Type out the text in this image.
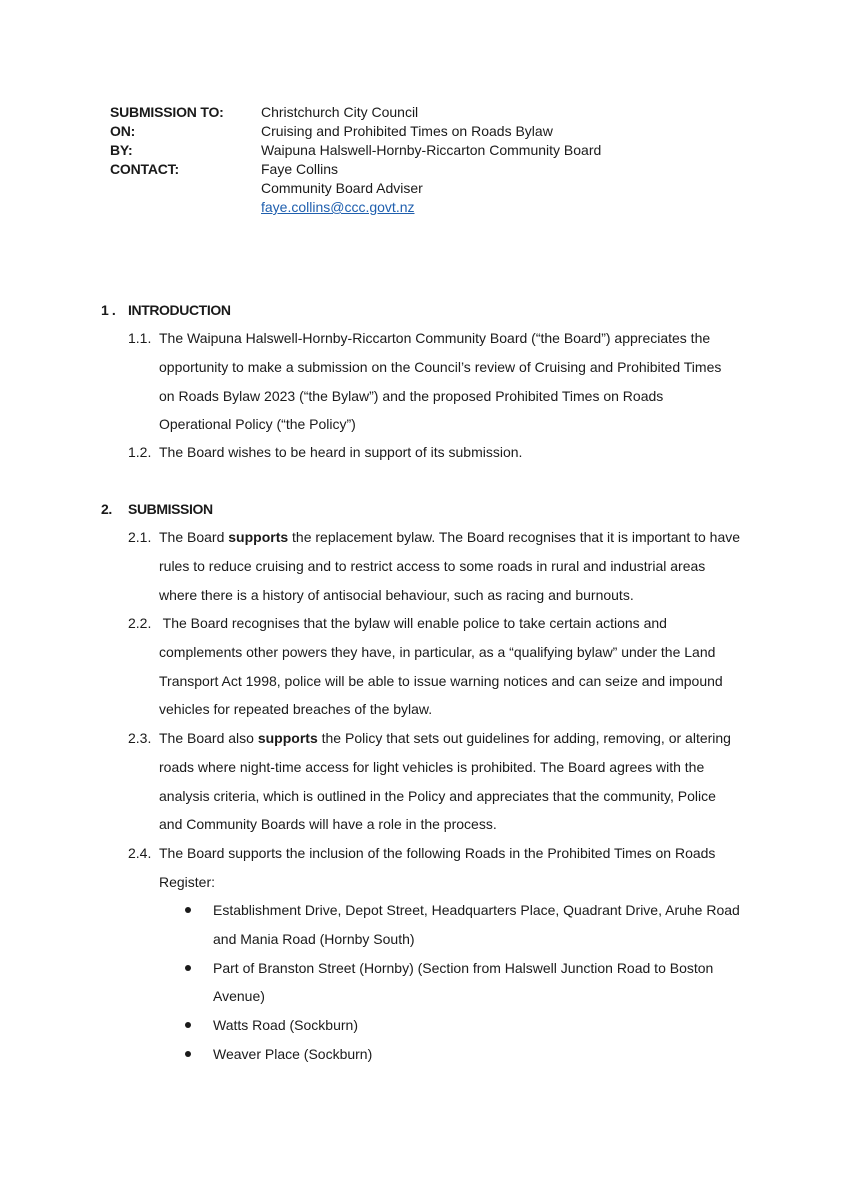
SUBMISSION TO:	Christchurch City Council
ON:	Cruising and Prohibited Times on Roads Bylaw
BY:	Waipuna Halswell-Hornby-Riccarton Community Board
CONTACT:	Faye Collins
Community Board Adviser
faye.collins@ccc.govt.nz
1 . INTRODUCTION
1.1. The Waipuna Halswell-Hornby-Riccarton Community Board (“the Board”) appreciates the
opportunity to make a submission on the Council’s review of Cruising and Prohibited Times
on Roads Bylaw 2023 (“the Bylaw”) and the proposed Prohibited Times on Roads
Operational Policy (“the Policy”)
1.2. The Board wishes to be heard in support of its submission.
2. SUBMISSION
2.1. The Board supports the replacement bylaw. The Board recognises that it is important to have
rules to reduce cruising and to restrict access to some roads in rural and industrial areas
where there is a history of antisocial behaviour, such as racing and burnouts.
2.2. The Board recognises that the bylaw will enable police to take certain actions and
complements other powers they have, in particular, as a “qualifying bylaw” under the Land
Transport Act 1998, police will be able to issue warning notices and can seize and impound
vehicles for repeated breaches of the bylaw.
2.3. The Board also supports the Policy that sets out guidelines for adding, removing, or altering
roads where night-time access for light vehicles is prohibited. The Board agrees with the
analysis criteria, which is outlined in the Policy and appreciates that the community, Police
and Community Boards will have a role in the process.
2.4. The Board supports the inclusion of the following Roads in the Prohibited Times on Roads
Register:
Establishment Drive, Depot Street, Headquarters Place, Quadrant Drive, Aruhe Road
and Mania Road (Hornby South)
Part of Branston Street (Hornby) (Section from Halswell Junction Road to Boston
Avenue)
Watts Road (Sockburn)
Weaver Place (Sockburn)
